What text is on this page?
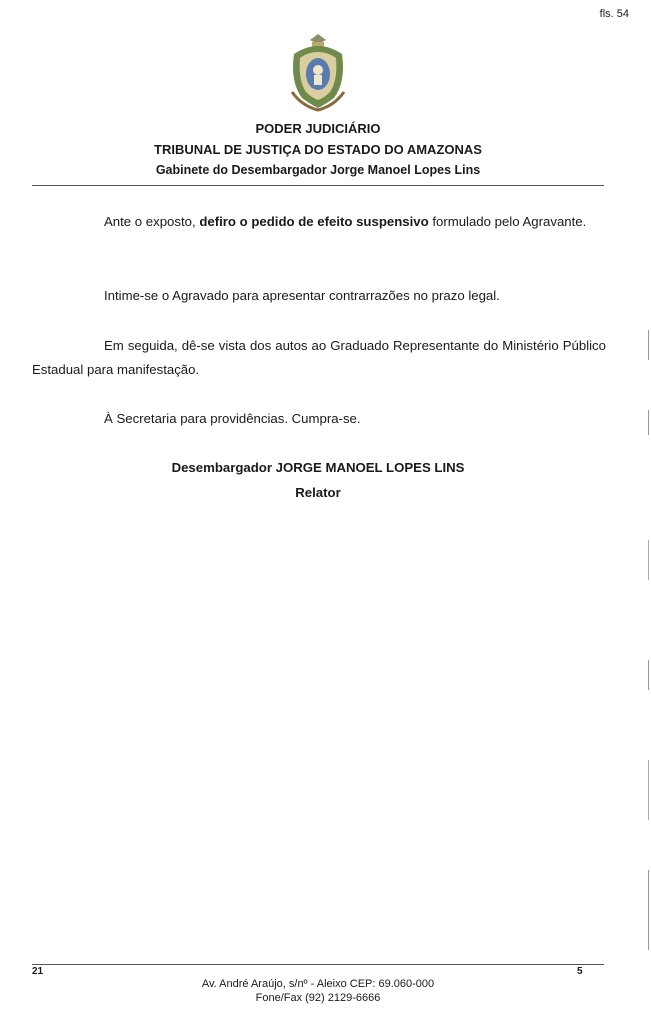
fls. 54
PODER JUDICIÁRIO
TRIBUNAL DE JUSTIÇA DO ESTADO DO AMAZONAS
Gabinete do Desembargador Jorge Manoel Lopes Lins
Ante o exposto, defiro o pedido de efeito suspensivo formulado pelo Agravante.
Intime-se o Agravado para apresentar contrarrazões no prazo legal.
Em seguida, dê-se vista dos autos ao Graduado Representante do Ministério Público Estadual para manifestação.
À Secretaria para providências. Cumpra-se.
Desembargador JORGE MANOEL LOPES LINS
Relator
21	5
Av. André Araújo, s/nº - Aleixo CEP: 69.060-000
Fone/Fax (92) 2129-6666
